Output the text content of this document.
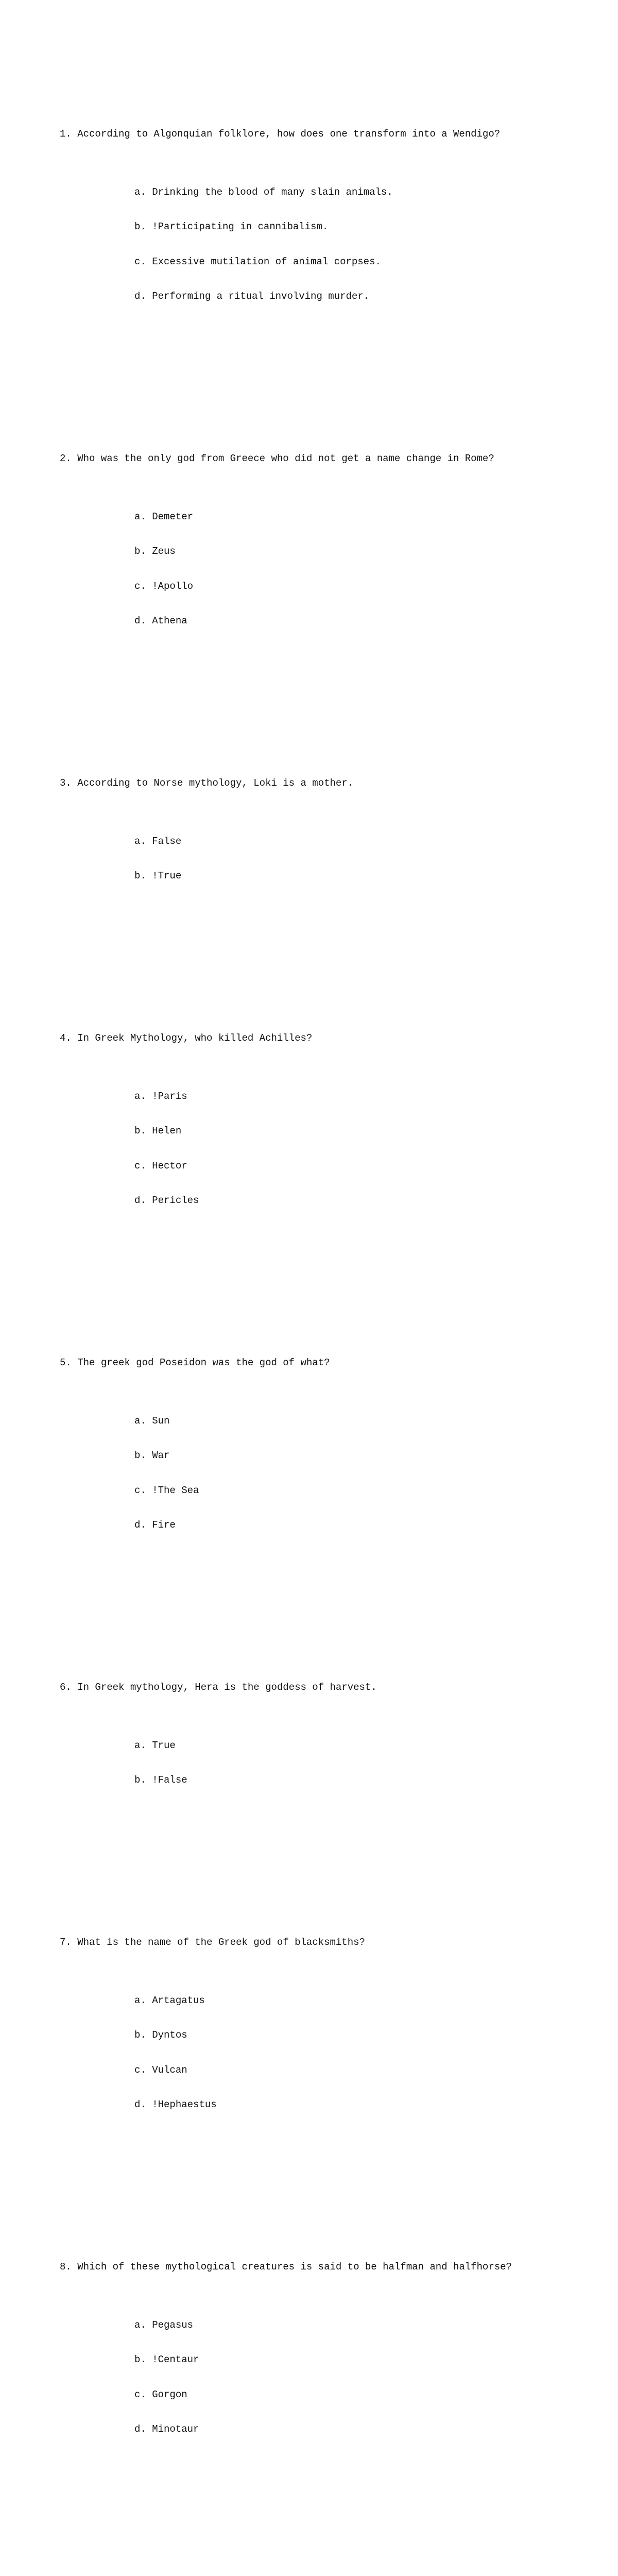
1. According to Algonquian folklore, how does one transform into a Wendigo?

a. Drinking the blood of many slain animals.

b. !Participating in cannibalism.

c. Excessive mutilation of animal corpses.

d. Performing a ritual involving murder.

2. Who was the only god from Greece who did not get a name change in Rome?

a. Demeter

b. Zeus

c. !Apollo

d. Athena

3. According to Norse mythology, Loki is a mother.

a. False

b. !True

4. In Greek Mythology, who killed Achilles?

a. !Paris

b. Helen

c. Hector

d. Pericles

5. The greek god Poseidon was the god of what?

a. Sun

b. War

c. !The Sea

d. Fire

6. In Greek mythology, Hera is the goddess of harvest.

a. True

b. !False

7. What is the name of the Greek god of blacksmiths?

a. Artagatus

b. Dyntos

c. Vulcan

d. !Hephaestus

8. Which of these mythological creatures is said to be halfman and halfhorse?

a. Pegasus

b. !Centaur

c. Gorgon

d. Minotaur
